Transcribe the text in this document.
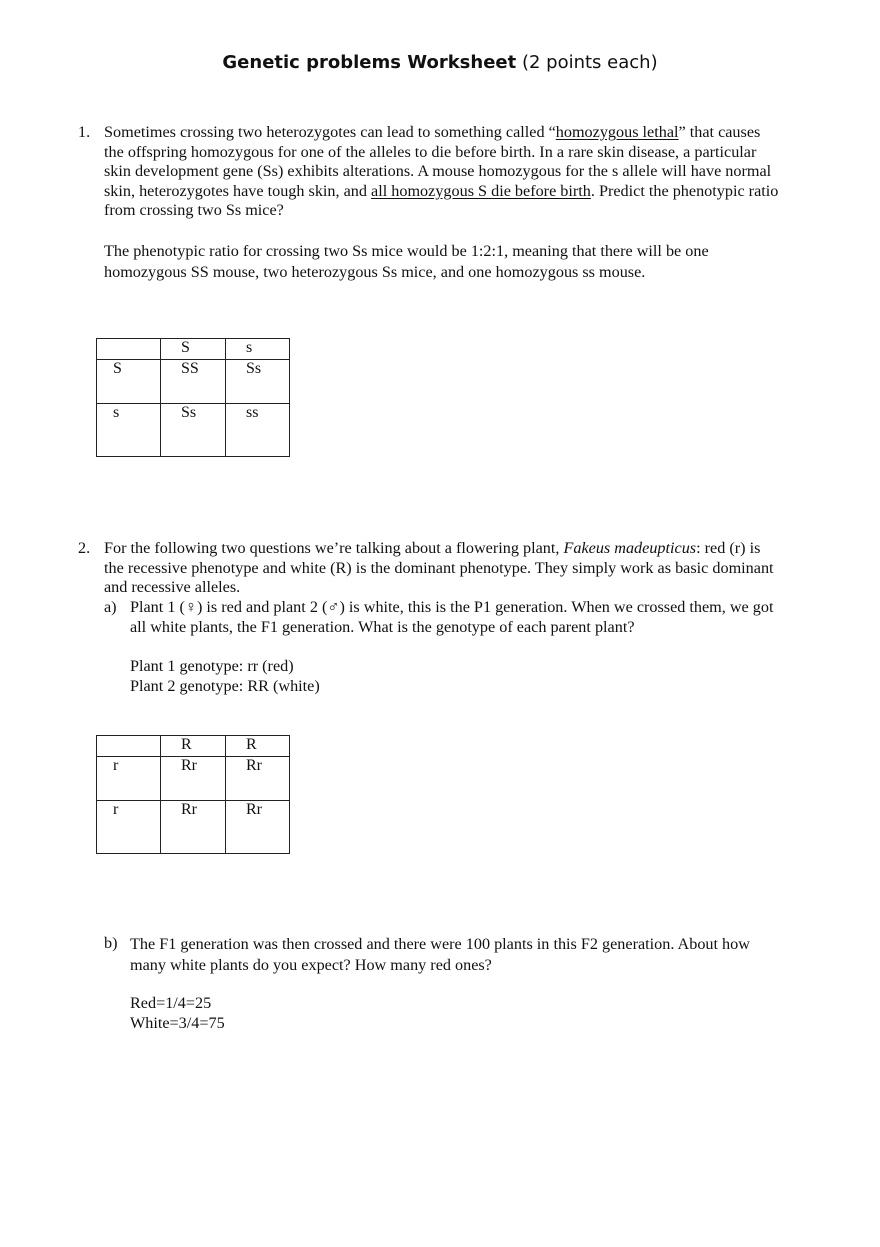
Genetic problems Worksheet (2 points each)
1. Sometimes crossing two heterozygotes can lead to something called “homozygous lethal” that causes
the offspring homozygous for one of the alleles to die before birth. In a rare skin disease, a particular
skin development gene (Ss) exhibits alterations. A mouse homozygous for the s allele will have normal
skin, heterozygotes have tough skin, and all homozygous S die before birth. Predict the phenotypic ratio
from crossing two Ss mice?
The phenotypic ratio for crossing two Ss mice would be 1:2:1, meaning that there will be one
homozygous SS mouse, two heterozygous Ss mice, and one homozygous ss mouse.

	S	s

S	SS	Ss

s	Ss	ss
2. For the following two questions we’re talking about a flowering plant, Fakeus madeupticus: red (r) is
the recessive phenotype and white (R) is the dominant phenotype. They simply work as basic dominant
and recessive alleles.
a) Plant 1 (♀) is red and plant 2 (♂) is white, this is the P1 generation. When we crossed them, we got
all white plants, the F1 generation. What is the genotype of each parent plant?
Plant 1 genotype: rr (red)
Plant 2 genotype: RR (white)

	R	R

r	Rr	Rr

r	Rr	Rr
b) The F1 generation was then crossed and there were 100 plants in this F2 generation. About how
many white plants do you expect? How many red ones?
Red=1/4=25
White=3/4=75
